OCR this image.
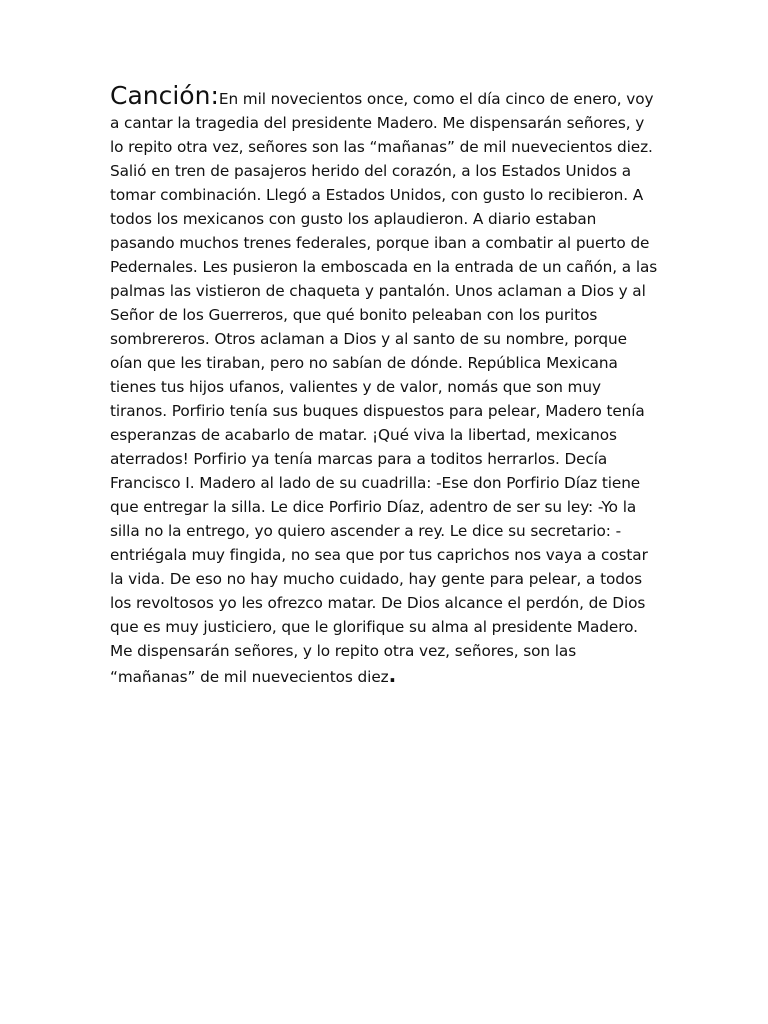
Canción:En mil novecientos once, como el día cinco de enero, voy a cantar la tragedia del presidente Madero. Me dispensarán señores, y lo repito otra vez, señores son las “mañanas” de mil nuevecientos diez. Salió en tren de pasajeros herido del corazón, a los Estados Unidos a tomar combinación. Llegó a Estados Unidos, con gusto lo recibieron. A todos los mexicanos con gusto los aplaudieron. A diario estaban pasando muchos trenes federales, porque iban a combatir al puerto de Pedernales. Les pusieron la emboscada en la entrada de un cañón, a las palmas las vistieron de chaqueta y pantalón. Unos aclaman a Dios y al Señor de los Guerreros, que qué bonito peleaban con los puritos sombrereros. Otros aclaman a Dios y al santo de su nombre, porque oían que les tiraban, pero no sabían de dónde. República Mexicana tienes tus hijos ufanos, valientes y de valor, nomás que son muy tiranos. Porfirio tenía sus buques dispuestos para pelear, Madero tenía esperanzas de acabarlo de matar. ¡Qué viva la libertad, mexicanos aterrados! Porfirio ya tenía marcas para a toditos herrarlos. Decía Francisco I. Madero al lado de su cuadrilla: -Ese don Porfirio Díaz tiene que entregar la silla. Le dice Porfirio Díaz, adentro de ser su ley: -Yo la silla no la entrego, yo quiero ascender a rey. Le dice su secretario: -entriégala muy fingida, no sea que por tus caprichos nos vaya a costar la vida. De eso no hay mucho cuidado, hay gente para pelear, a todos los revoltosos yo les ofrezco matar. De Dios alcance el perdón, de Dios que es muy justiciero, que le glorifique su alma al presidente Madero. Me dispensarán señores, y lo repito otra vez, señores, son las “mañanas” de mil nuevecientos diez.
